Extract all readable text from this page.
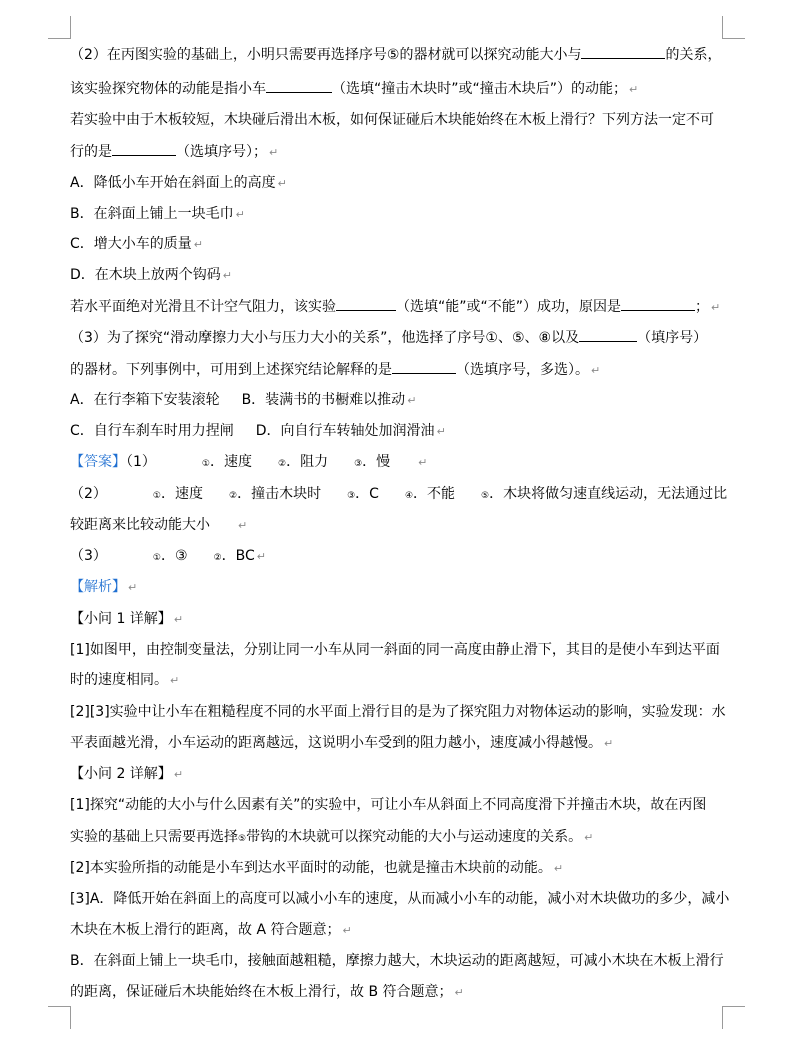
（2）在丙图实验的基础上，小明只需要再选择序号⑤的器材就可以探究动能大小与	的关系，
该实验探究物体的动能是指小车	（选填“撞击木块时”或“撞击木块后”）的动能； ↵
若实验中由于木板较短，木块碰后滑出木板，如何保证碰后木块能始终在木板上滑行？下列方法一定不可
行的是	（选填序号）； ↵
A．降低小车开始在斜面上的高度 ↵
B．在斜面上铺上一块毛巾 ↵
C．增大小车的质量 ↵
D．在木块上放两个钩码 ↵
若水平面绝对光滑且不计空气阻力，该实验	（选填“能”或“不能”）成功，原因是	； ↵
（3）为了探究“滑动摩擦力大小与压力大小的关系”，他选择了序号①、⑤、⑧以及	（填序号）
的器材。下列事例中，可用到上述探究结论解释的是	（选填序号，多选）。 ↵
A．在行李箱下安装滚轮 B．装满书的书橱难以推动 ↵
C．自行车刹车时用力捏闸 D．向自行车转轴处加润滑油 ↵
【答案】（1）	①．速度	②．阻力	③．慢	↵
（2）	①．速度	②．撞击木块时	③．C	④．不能	⑤．木块将做匀速直线运动，无法通过比
较距离来比较动能大小	↵
（3）	①．③	②．BC ↵
【解析】 ↵
【小问 1 详解】 ↵
[1]如图甲，由控制变量法，分别让同一小车从同一斜面的同一高度由静止滑下，其目的是使小车到达平面
时的速度相同。 ↵
[2][3]实验中让小车在粗糙程度不同的水平面上滑行目的是为了探究阻力对物体运动的影响，实验发现：水
平表面越光滑，小车运动的距离越远，这说明小车受到的阻力越小，速度减小得越慢。 ↵
【小问 2 详解】 ↵
[1]探究“动能的大小与什么因素有关”的实验中，可让小车从斜面上不同高度滑下并撞击木块，故在丙图
实验的基础上只需要再选择⑤带钩的木块就可以探究动能的大小与运动速度的关系。 ↵
[2]本实验所指的动能是小车到达水平面时的动能，也就是撞击木块前的动能。 ↵
[3]A．降低开始在斜面上的高度可以减小小车的速度，从而减小小车的动能，减小对木块做功的多少，减小
木块在木板上滑行的距离，故 A 符合题意； ↵
B．在斜面上铺上一块毛巾，接触面越粗糙，摩擦力越大，木块运动的距离越短，可减小木块在木板上滑行
的距离，保证碰后木块能始终在木板上滑行，故 B 符合题意； ↵
